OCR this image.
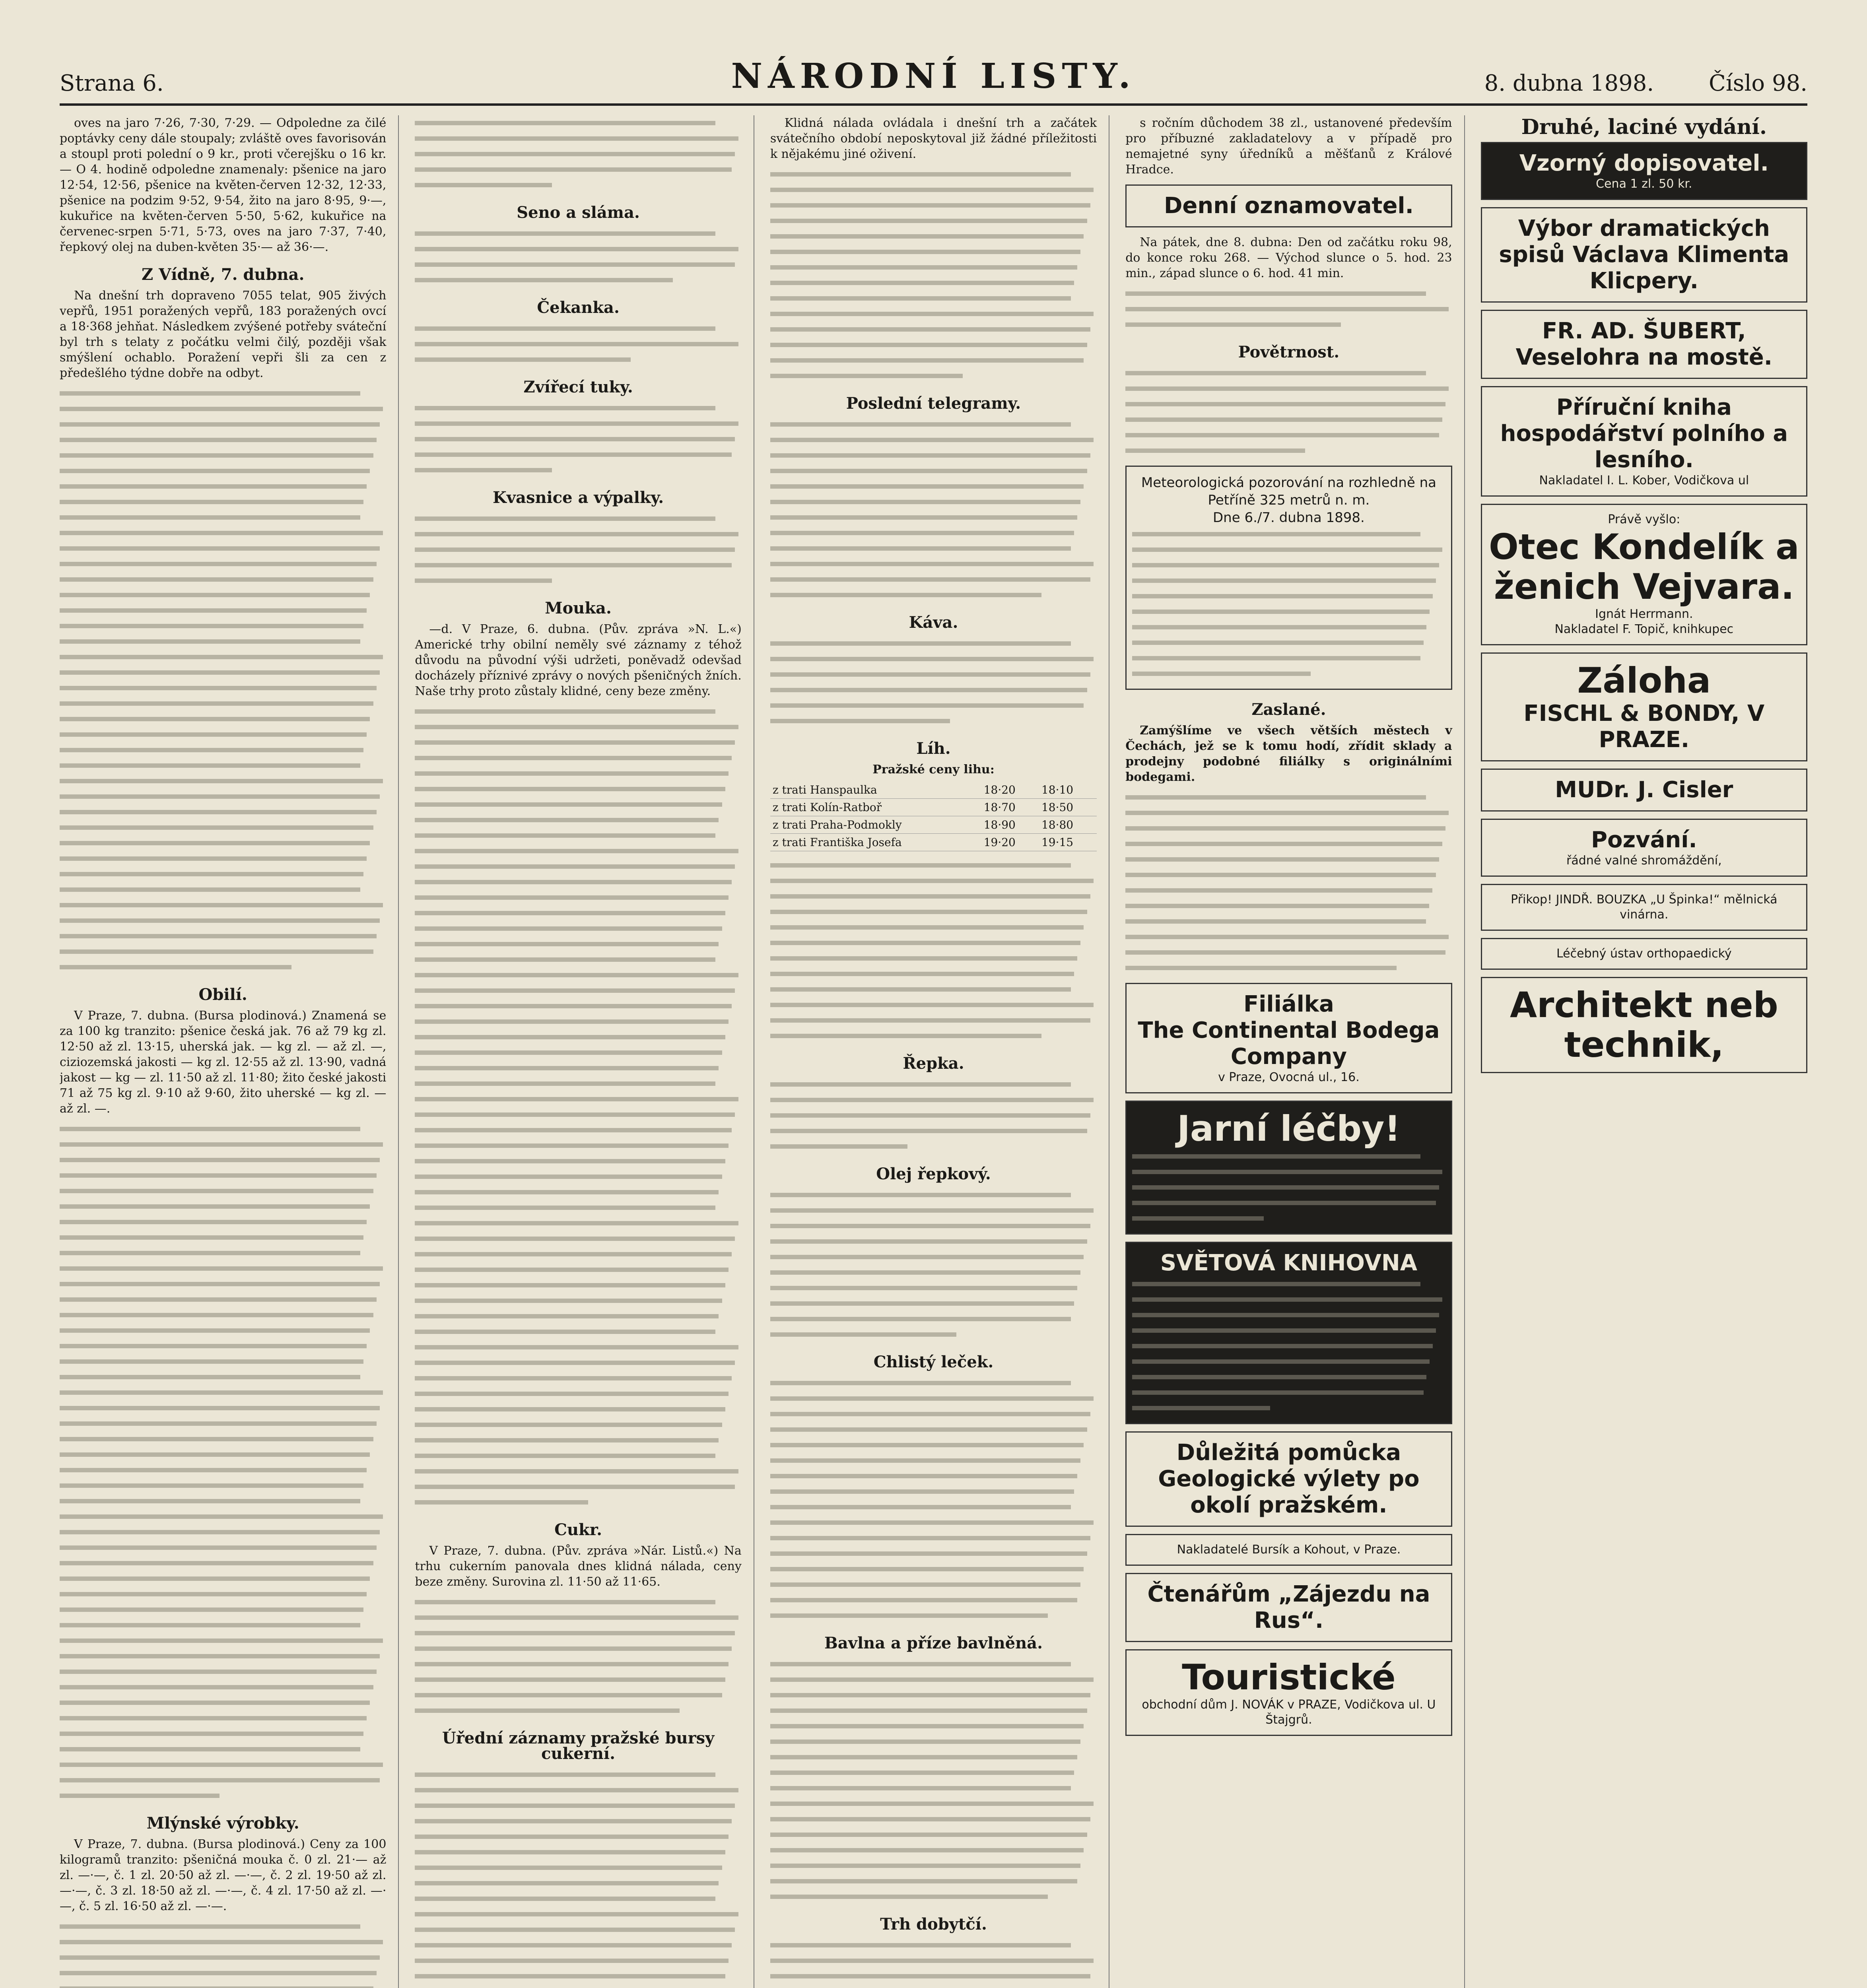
Strana 6.	NÁRODNÍ LISTY.	8. dubna 1898. Číslo 98.

oves na jaro 7·26, 7·30, 7·29. — Odpoledne za čilé poptávky ceny dále stoupaly; zvláště oves favorisován a stoupl proti polední o 9 kr., proti včerejšku o 16 kr. — O 4. hodině odpoledne znamenaly: pšenice na jaro 12·54, 12·56, pšenice na květen-červen 12·32, 12·33, pšenice na podzim 9·52, 9·54, žito na jaro 8·95, 9·—, kukuřice na květen-červen 5·50, 5·62, kukuřice na červenec-srpen 5·71, 5·73, oves na jaro 7·37, 7·40, řepkový olej na duben-květen 35·— až 36·—.

Z Vídně, 7. dubna.

Na dnešní trh dopraveno 7055 telat, 905 živých vepřů, 1951 poražených vepřů, 183 poražených ovcí a 18·368 jehňat. Následkem zvýšené potřeby sváteční byl trh s telaty z počátku velmi čilý, později však smýšlení ochablo. Poražení vepři šli za cen z předešlého týdne dobře na odbyt.

Obilí.

V Praze, 7. dubna. (Bursa plodinová.) Znamená se za 100 kg tranzito: pšenice česká jak. 76 až 79 kg zl. 12·50 až zl. 13·15, uherská jak. — kg zl. — až zl. —, ciziozemská jakosti — kg zl. 12·55 až zl. 13·90, vadná jakost — kg — zl. 11·50 až zl. 11·80; žito české jakosti 71 až 75 kg zl. 9·10 až 9·60, žito uherské — kg zl. — až zl. —.

Mlýnské výrobky.

V Praze, 7. dubna. (Bursa plodinová.) Ceny za 100 kilogramů tranzito: pšeničná mouka č. 0 zl. 21·— až zl. —·—, č. 1 zl. 20·50 až zl. —·—, č. 2 zl. 19·50 až zl. —·—, č. 3 zl. 18·50 až zl. —·—, č. 4 zl. 17·50 až zl. —·—, č. 5 zl. 16·50 až zl. —·—.

Seno a sláma.
Čekanka.
Zvířecí tuky.
Kvasnice a výpalky.
Mouka.

—d. V Praze, 6. dubna. (Pův. zpráva »N. L.«) Americké trhy obilní neměly své záznamy z téhož důvodu na původní výši udržeti, poněvadž odevšad docházely příznivé zprávy o nových pšeničných žních. Naše trhy proto zůstaly klidné, ceny beze změny.

Cukr.

V Praze, 7. dubna. (Pův. zpráva »Nár. Listů.«) Na trhu cukerním panovala dnes klidná nálada, ceny beze změny. Surovina zl. 11·50 až 11·65.

Úřední záznamy pražské bursy cukerní.

Klidná nálada ovládala i dnešní trh a začátek svátečního období neposkytoval již žádné příležitosti k nějakému jiné oživení.

Poslední telegramy.
Káva.
Líh.
Pražské ceny lihu:
z trati Hanspaulka	18·20	18·10
z trati Kolín-Ratboř	18·70	18·50
z trati Praha-Podmokly	18·90	18·80
z trati Františka Josefa	19·20	19·15
Řepka.
Olej řepkový.
Chlistý leček.
Bavlna a příze bavlněná.
Trh dobytčí.

s ročním důchodem 38 zl., ustanovené především pro příbuzné zakladatelovy a v případě pro nemajetné syny úředníků a měšťanů z Králové Hradce.

Denní oznamovatel.

Na pátek, dne 8. dubna: Den od začátku roku 98, do konce roku 268. — Východ slunce o 5. hod. 23 min., západ slunce o 6. hod. 41 min.

Povětrnost.
Meteorologická pozorování na rozhledně na Petříně 325 metrů n. m.
Dne 6./7. dubna 1898.
Zaslané.

Zamýšlíme ve všech větších městech v Čechách, jež se k tomu hodí, zřídit sklady a prodejny podobné filiálky s originálními bodegami.

Filiálka
The Continental Bodega Company
v Praze, Ovocná ul., 16.
Jarní léčby!
SVĚTOVÁ KNIHOVNA
Důležitá pomůcka
Geologické výlety po okolí pražském.
Nakladatelé Bursík a Kohout, v Praze.
Čtenářům „Zájezdu na Rus“.
Touristické
obchodní dům J. NOVÁK v PRAZE, Vodičkova ul. U Štajgrů.
Druhé, laciné vydání.
Vzorný dopisovatel.
Cena 1 zl. 50 kr.
Výbor dramatických spisů Václava Klimenta Klicpery.
FR. AD. ŠUBERT, Veselohra na mostě.
Příruční kniha hospodářství polního a lesního.
Nakladatel I. L. Kober, Vodičkova ul
Právě vyšlo:
Otec Kondelík a ženich Vejvara.
Ignát Herrmann.
Nakladatel F. Topič, knihkupec
Záloha
FISCHL & BONDY, V PRAZE.
MUDr. J. Cisler
Pozvání.
řádné valné shromáždění,
Přikop! JINDŘ. BOUZKA „U Špinka!“ mělnická vinárna.
Léčebný ústav orthopaedický
Architekt neb technik,
